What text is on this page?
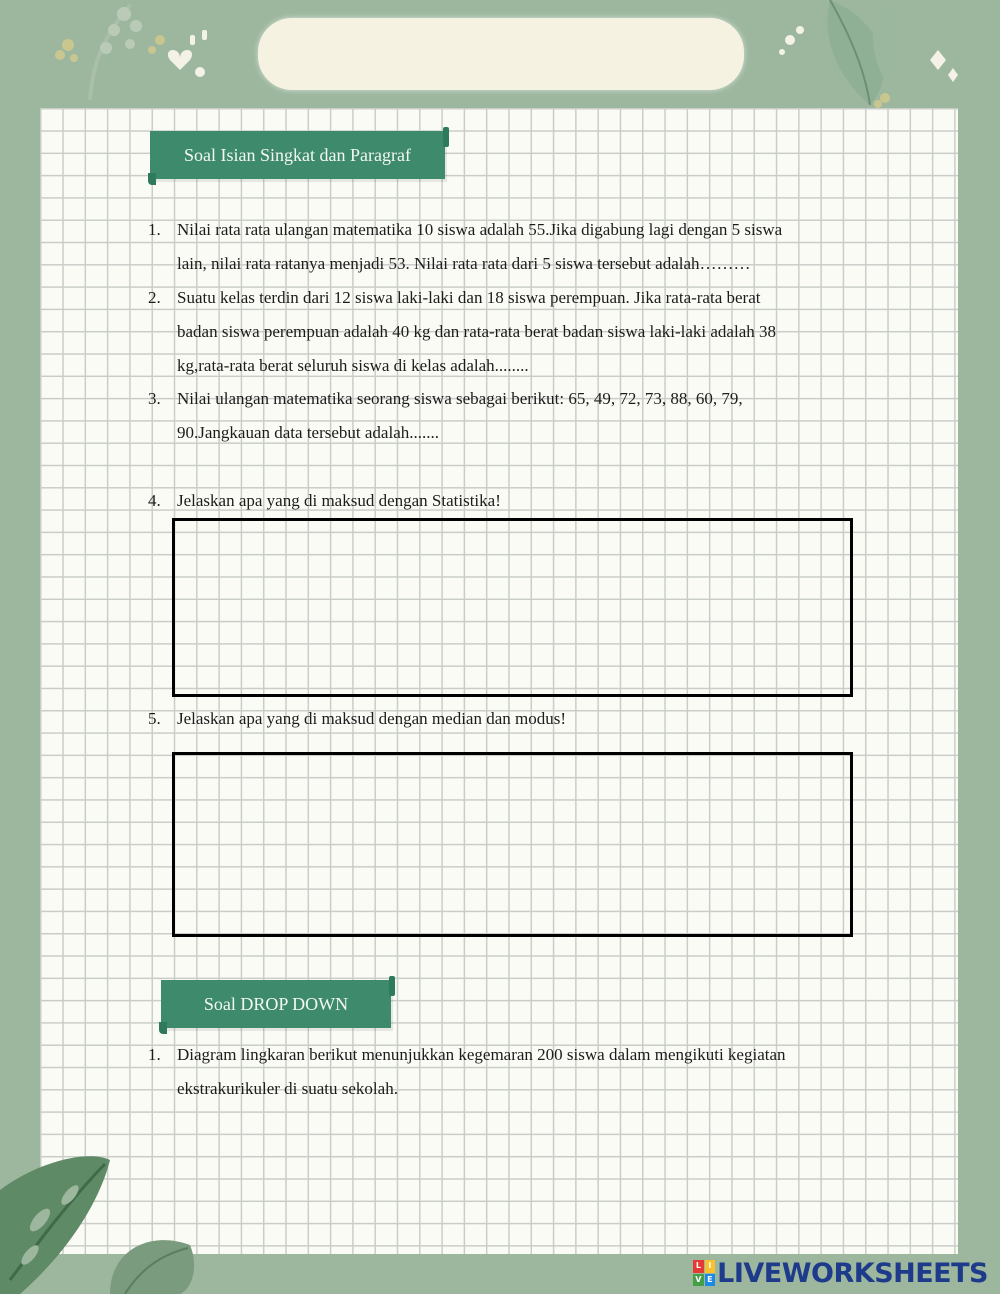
Soal Isian Singkat dan Paragraf
1. Nilai rata rata ulangan matematika 10 siswa adalah 55.Jika digabung lagi dengan 5 siswa
lain, nilai rata ratanya menjadi 53. Nilai rata rata dari 5 siswa tersebut adalah………
2. Suatu kelas terdin dari 12 siswa laki-laki dan 18 siswa perempuan. Jika rata-rata berat
badan siswa perempuan adalah 40 kg dan rata-rata berat badan siswa laki-laki adalah 38
kg,rata-rata berat seluruh siswa di kelas adalah........
3. Nilai ulangan matematika seorang siswa sebagai berikut: 65, 49, 72, 73, 88, 60, 79,
90.Jangkauan data tersebut adalah.......
4. Jelaskan apa yang di maksud dengan Statistika!
5. Jelaskan apa yang di maksud dengan median dan modus!
Soal DROP DOWN
1. Diagram lingkaran berikut menunjukkan kegemaran 200 siswa dalam mengikuti kegiatan
ekstrakurikuler di suatu sekolah.
L I
V E LIVEWORKSHEETS
